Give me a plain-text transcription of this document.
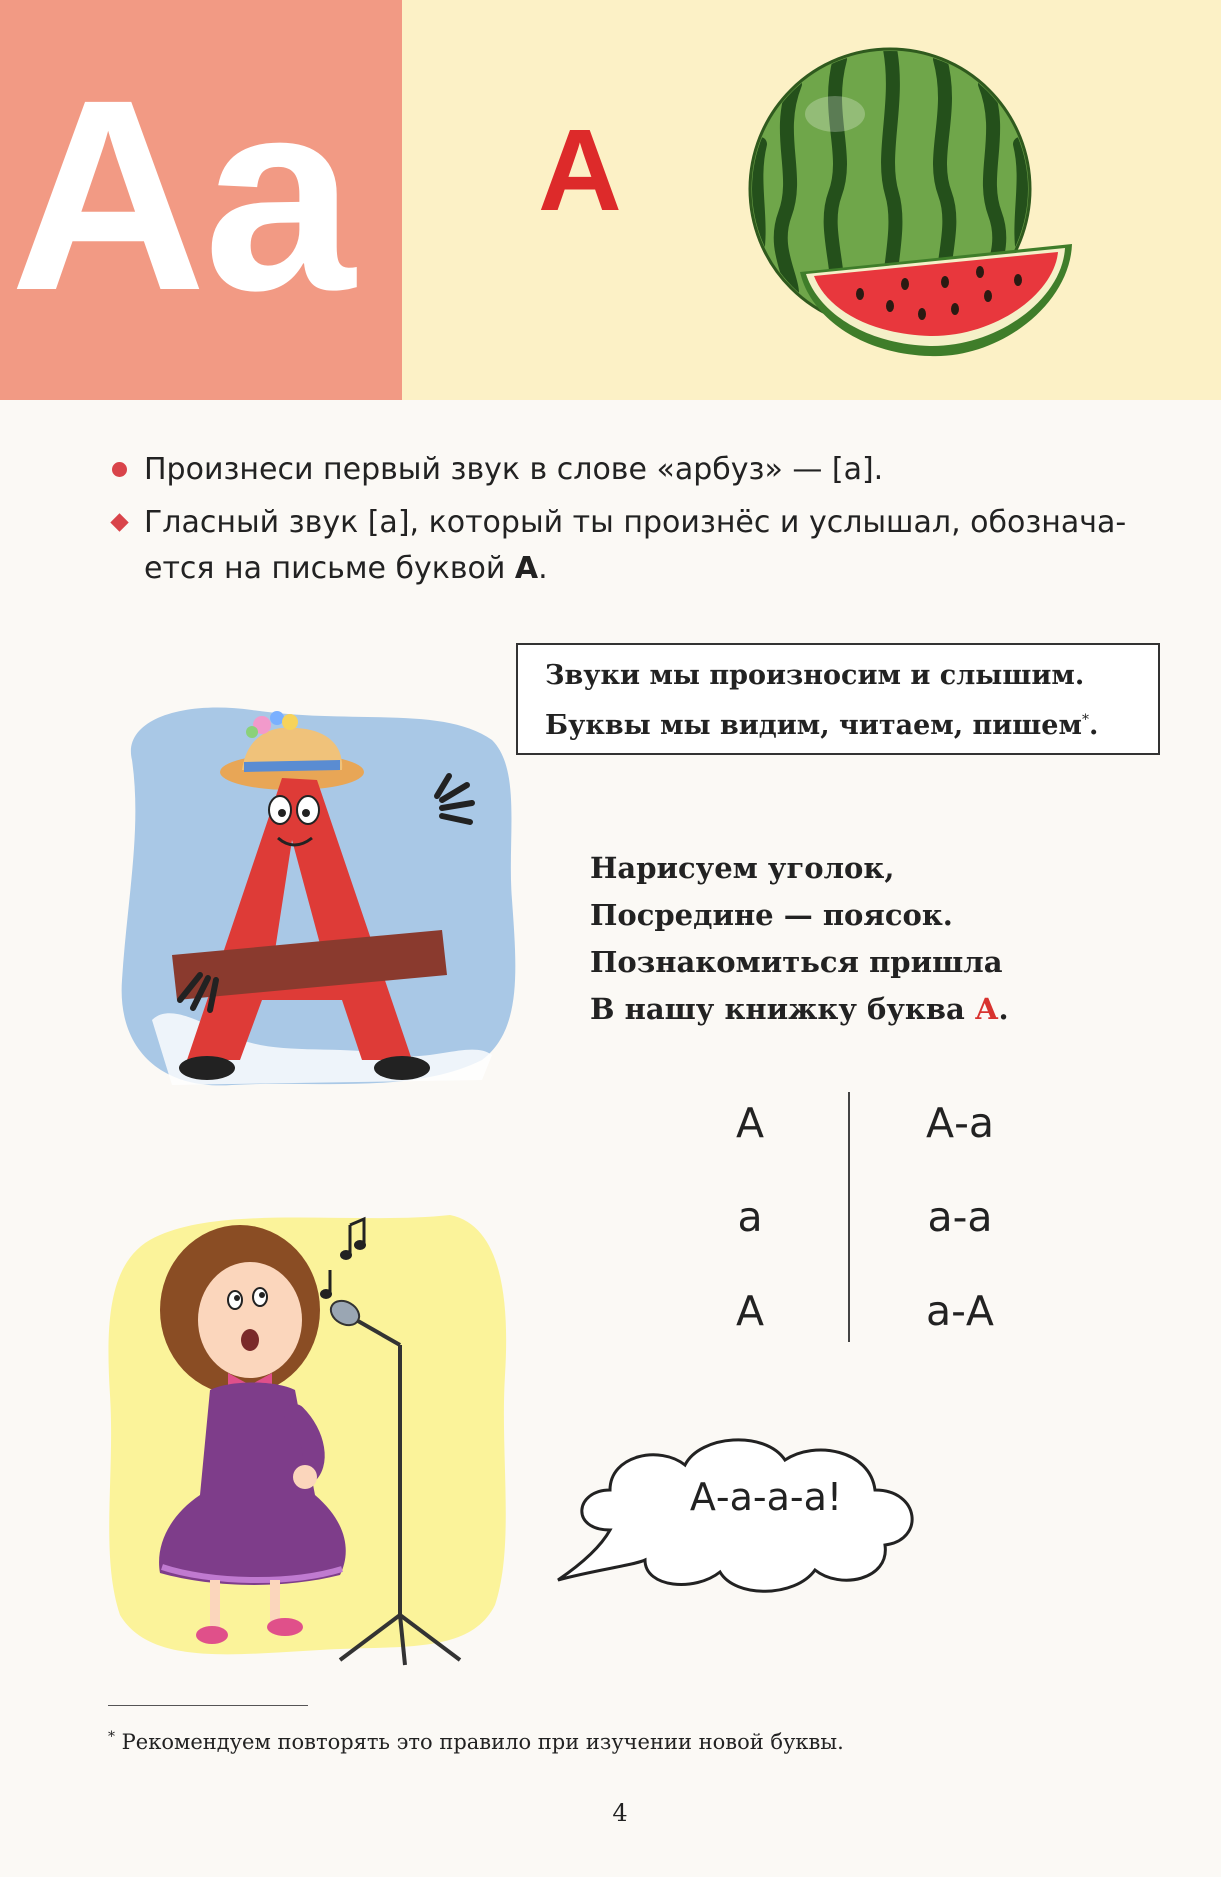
Аа	А
Произнеси первый звук в слове «арбуз» — [а].
Гласный звук [а], который ты произнёс и услышал, обознача-
ется на письме буквой А.
Звуки мы произносим и слышим.
Буквы мы видим, читаем, пишем*.
Нарисуем уголок,
Посредине — поясок.
Познакомиться пришла
В нашу книжку буква А.
А	А-а
а	а-а
А	а-А
А-а-а-а!
* Рекомендуем повторять это правило при изучении новой буквы.
4
